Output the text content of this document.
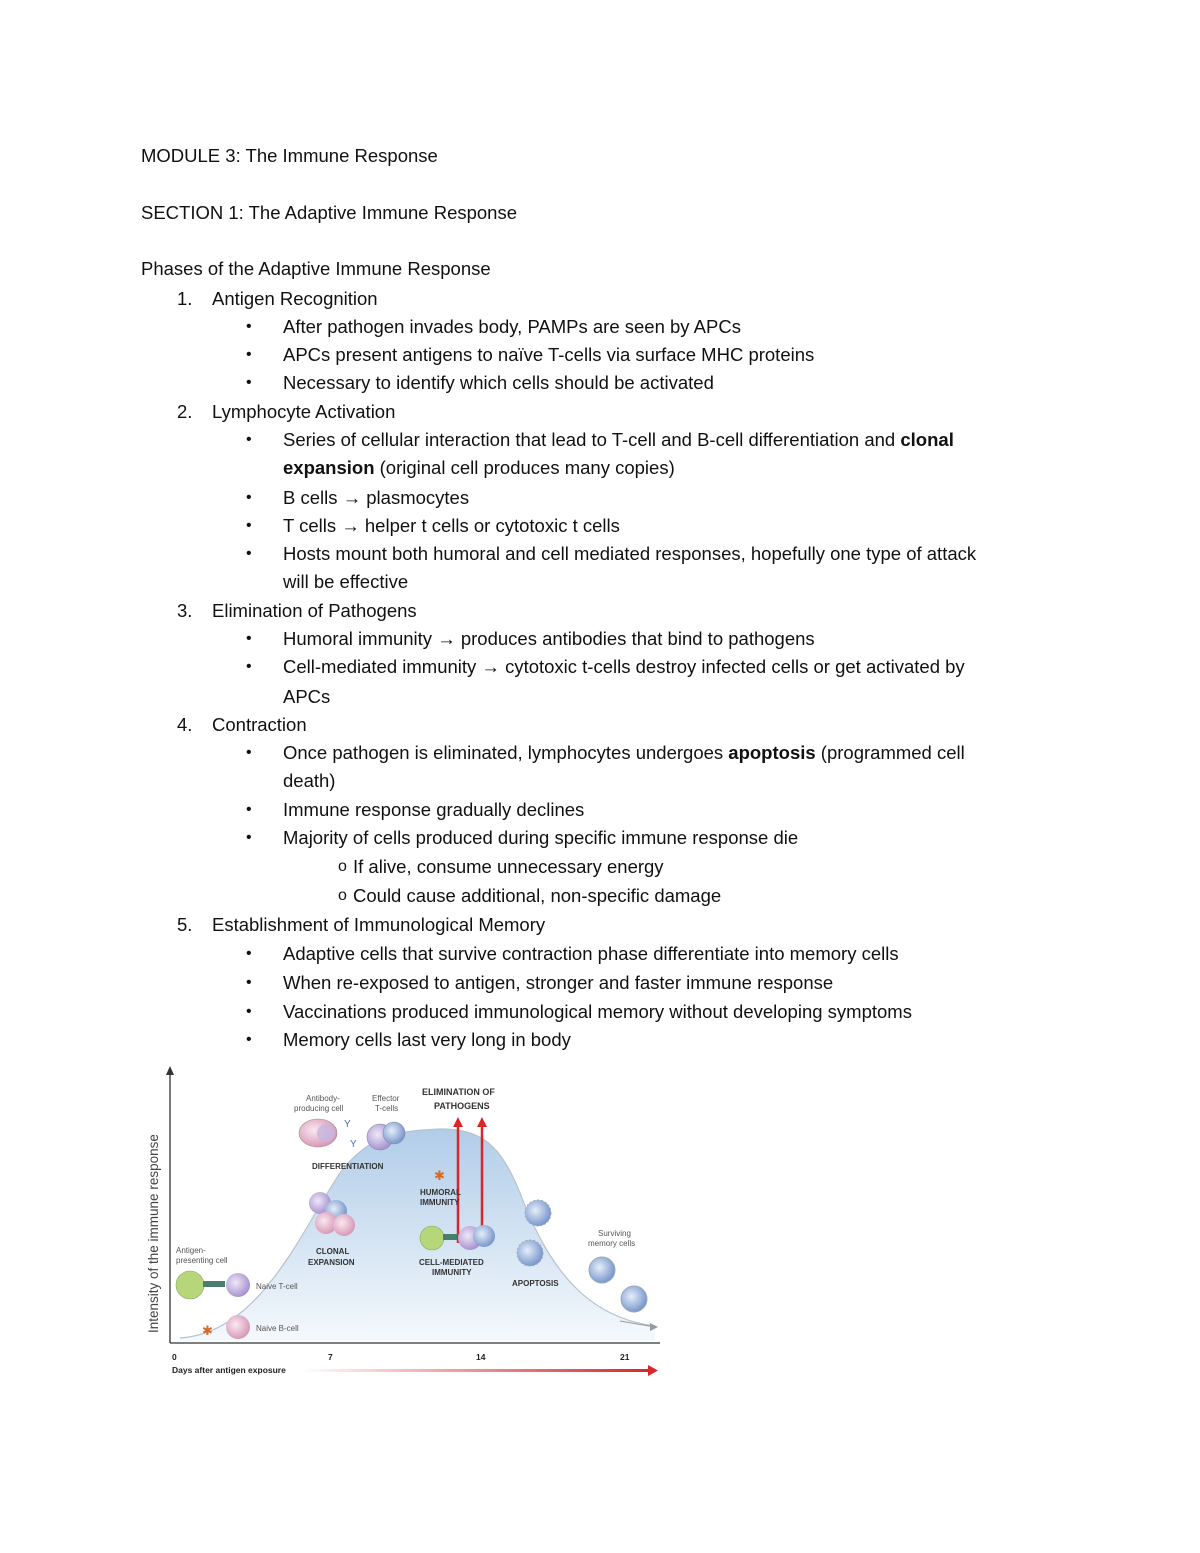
MODULE 3: The Immune Response
SECTION 1: The Adaptive Immune Response
Phases of the Adaptive Immune Response
1. Antigen Recognition
• After pathogen invades body, PAMPs are seen by APCs
• APCs present antigens to naïve T-cells via surface MHC proteins
• Necessary to identify which cells should be activated
2. Lymphocyte Activation
• Series of cellular interaction that lead to T-cell and B-cell differentiation and clonal
expansion (original cell produces many copies)
• B cells → plasmocytes
• T cells → helper t cells or cytotoxic t cells
• Hosts mount both humoral and cell mediated responses, hopefully one type of attack
will be effective
3. Elimination of Pathogens
• Humoral immunity → produces antibodies that bind to pathogens
• Cell-mediated immunity → cytotoxic t-cells destroy infected cells or get activated by
APCs
4. Contraction
• Once pathogen is eliminated, lymphocytes undergoes apoptosis (programmed cell
death)
• Immune response gradually declines
• Majority of cells produced during specific immune response die
o If alive, consume unnecessary energy
o Could cause additional, non-specific damage
5. Establishment of Immunological Memory
• Adaptive cells that survive contraction phase differentiate into memory cells
• When re-exposed to antigen, stronger and faster immune response
• Vaccinations produced immunological memory without developing symptoms
• Memory cells last very long in body
Intensity of the immune response
0	7	14	21
Days after antigen exposure
ELIMINATION OF
PATHOGENS
Antibody-
producing cell
Y
Y
Effector
T-cells
DIFFERENTIATION
CLONAL
EXPANSION
✱
HUMORAL
IMMUNITY
CELL-MEDIATED
IMMUNITY
APOPTOSIS
Surviving
memory cells
Antigen-
presenting cell
Naive T-cell
✱	Naive B-cell
